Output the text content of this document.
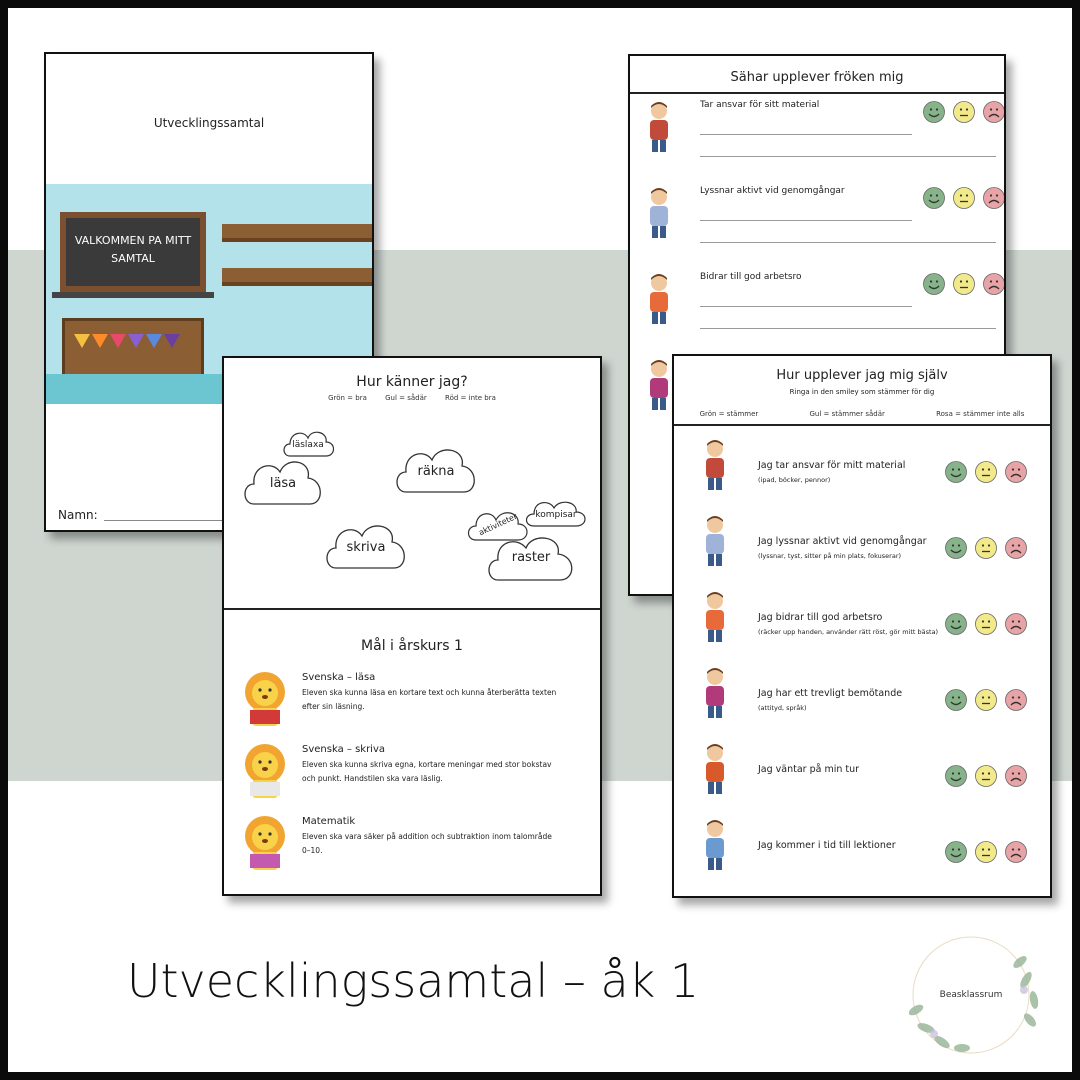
Utvecklingssamtal
VALKOMMEN PA MITT SAMTAL
Namn:
Sähar upplever fröken mig
Tar ansvar för sitt material
Lyssnar aktivt vid genomgångar
Bidrar till god arbetsro
Hur känner jag?
Grön = bra	Gul = sådär	Röd = inte bra
läslaxa
läsa
räkna
skriva
aktiviteter	kompisar
raster
Mål i årskurs 1
Svenska – läsa
Eleven ska kunna läsa en kortare text och kunna återberätta texten
efter sin läsning.
Svenska – skriva
Eleven ska kunna skriva egna, kortare meningar med stor bokstav
och punkt. Handstilen ska vara läslig.
Matematik
Eleven ska vara säker på addition och subtraktion inom talområde
0–10.
Hur upplever jag mig själv
Ringa in den smiley som stämmer för dig
Grön = stämmer	Gul = stämmer sådär	Rosa = stämmer inte alls
Jag tar ansvar för mitt material
(ipad, böcker, pennor)
Jag lyssnar aktivt vid genomgångar
(lyssnar, tyst, sitter på min plats, fokuserar)
Jag bidrar till god arbetsro
(räcker upp handen, använder rätt röst, gör mitt bästa)
Jag har ett trevligt bemötande
(attityd, språk)
Jag väntar på min tur
Jag kommer i tid till lektioner
Utvecklingssamtal – åk 1	Beasklassrum
